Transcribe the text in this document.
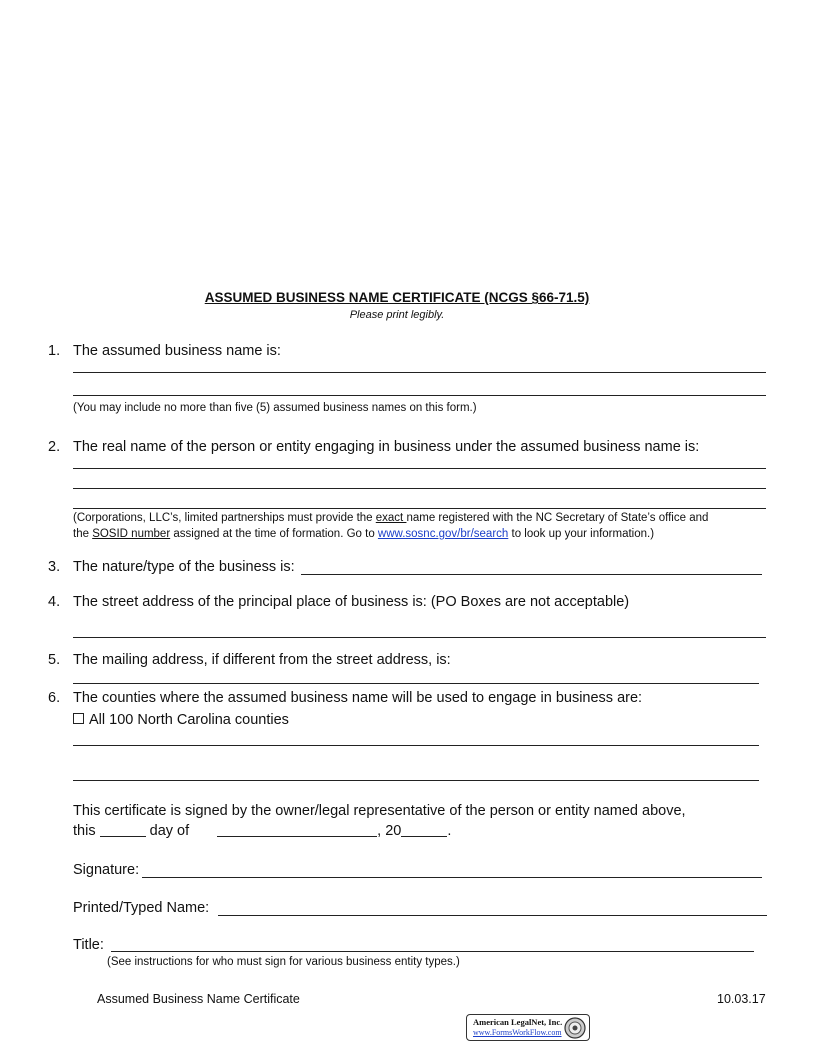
ASSUMED BUSINESS NAME CERTIFICATE (NCGS §66-71.5)
Please print legibly.
1. The assumed business name is:
(You may include no more than five (5) assumed business names on this form.)
2. The real name of the person or entity engaging in business under the assumed business name is:
(Corporations, LLC’s, limited partnerships must provide the exact name registered with the NC Secretary of State’s office and
the SOSID number assigned at the time of formation. Go to www.sosnc.gov/br/search to look up your information.)
3. The nature/type of the business is:
4. The street address of the principal place of business is: (PO Boxes are not acceptable)
5. The mailing address, if different from the street address, is:
6. The counties where the assumed business name will be used to engage in business are:
All 100 North Carolina counties
This certificate is signed by the owner/legal representative of the person or entity named above,
this	day of	, 20	.
Signature:
Printed/Typed Name:
Title:
(See instructions for who must sign for various business entity types.)
Assumed Business Name Certificate	10.03.17
American LegalNet, Inc.
www.FormsWorkFlow.com
